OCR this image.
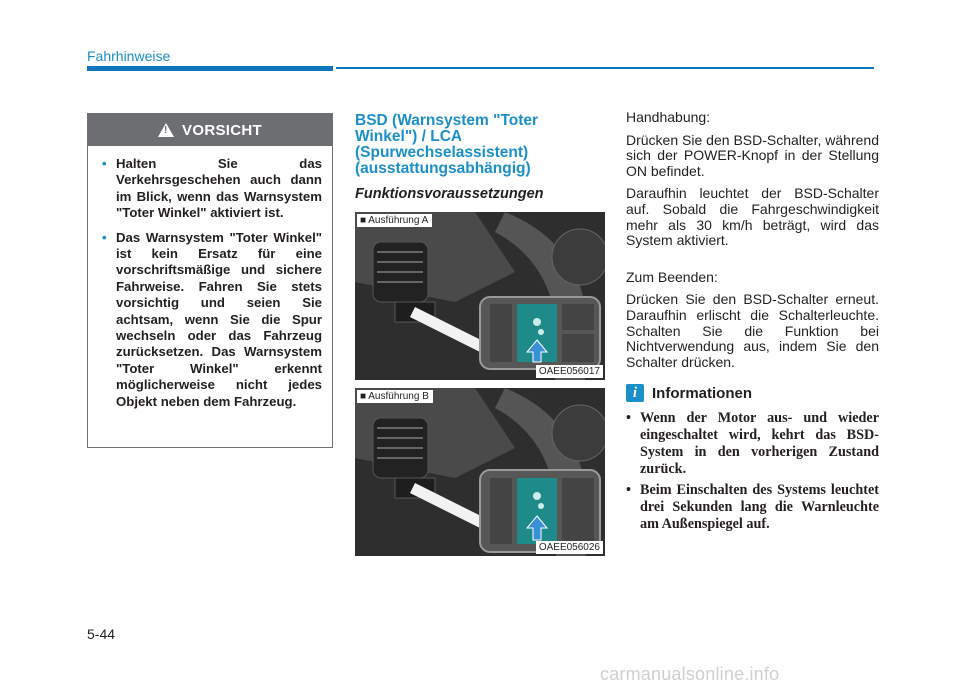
Fahrhinweise
! VORSICHT
• Halten Sie das Verkehrsgeschehen auch dann im Blick, wenn das Warnsystem "Toter Winkel" aktiviert ist.
• Das Warnsystem "Toter Winkel" ist kein Ersatz für eine vorschriftsmäßige und sichere Fahrweise. Fahren Sie stets vorsichtig und seien Sie achtsam, wenn Sie die Spur wechseln oder das Fahrzeug zurücksetzen. Das Warnsystem "Toter Winkel" erkennt möglicherweise nicht jedes Objekt neben dem Fahrzeug.
BSD (Warnsystem "Toter Winkel") / LCA (Spurwechselassistent) (ausstattungsabhängig)
Funktionsvoraussetzungen
■ Ausführung A
OAEE056017
■ Ausführung B
OAEE056026

Handhabung:

Drücken Sie den BSD-Schalter, während sich der POWER-Knopf in der Stellung ON befindet.

Daraufhin leuchtet der BSD-Schalter auf. Sobald die Fahrgeschwindigkeit mehr als 30 km/h beträgt, wird das System aktiviert.

Zum Beenden:

Drücken Sie den BSD-Schalter erneut. Daraufhin erlischt die Schalterleuchte. Schalten Sie die Funktion bei Nichtverwendung aus, indem Sie den Schalter drücken.

i Informationen
• Wenn der Motor aus- und wieder eingeschaltet wird, kehrt das BSD-System in den vorherigen Zustand zurück.
• Beim Einschalten des Systems leuchtet drei Sekunden lang die Warnleuchte am Außenspiegel auf.
5-44
carmanualsonline.info
